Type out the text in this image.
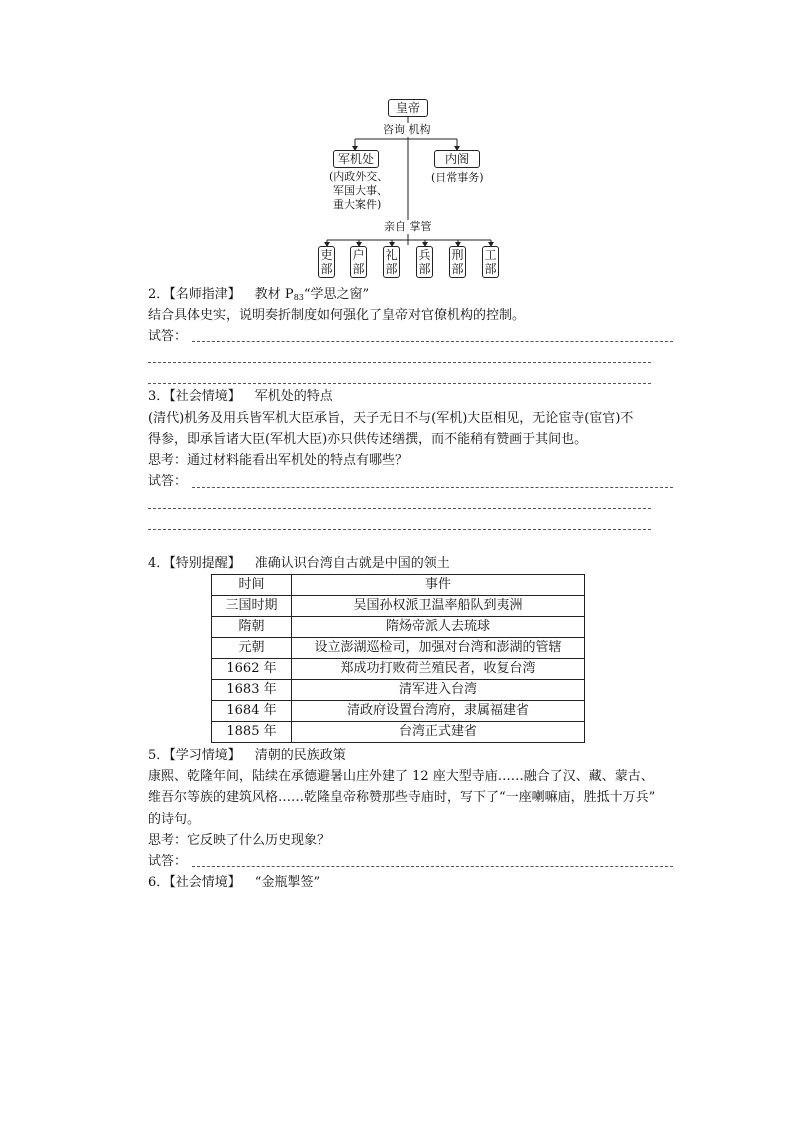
皇帝
咨询 机构
军机处
(内政外交、
军国大事、
重大案件)
内阁
(日常事务)
亲自 掌管
吏
部
户
部
礼
部
兵
部
刑
部
工
部
2．【名师指津】 教材 $P_{83}“$学思之窗”
结合具体史实，说明奏折制度如何强化了皇帝对官僚机构的控制。
试答：
3．【社会情境】 军机处的特点
(清代)机务及用兵皆军机大臣承旨，天子无日不与(军机)大臣相见，无论宦寺(宦官)不
得参，即承旨诸大臣(军机大臣)亦只供传述缮撰，而不能稍有赞画于其间也。
思考：通过材料能看出军机处的特点有哪些？
试答：
4．【特别提醒】 准确认识台湾自古就是中国的领土
时间	事件
三国时期	吴国孙权派卫温率船队到夷洲
隋朝	隋炀帝派人去琉球
元朝	设立澎湖巡检司，加强对台湾和澎湖的管辖
1662 年	郑成功打败荷兰殖民者，收复台湾
1683 年	清军进入台湾
1684 年	清政府设置台湾府，隶属福建省
1885 年	台湾正式建省
5．【学习情境】 清朝的民族政策
康熙、乾隆年间，陆续在承德避暑山庄外建了 12 座大型寺庙……融合了汉、藏、蒙古、
维吾尔等族的建筑风格……乾隆皇帝称赞那些寺庙时，写下了“一座喇嘛庙，胜抵十万兵”
的诗句。
思考：它反映了什么历史现象？
试答：
6．【社会情境】 “金瓶掣签”
